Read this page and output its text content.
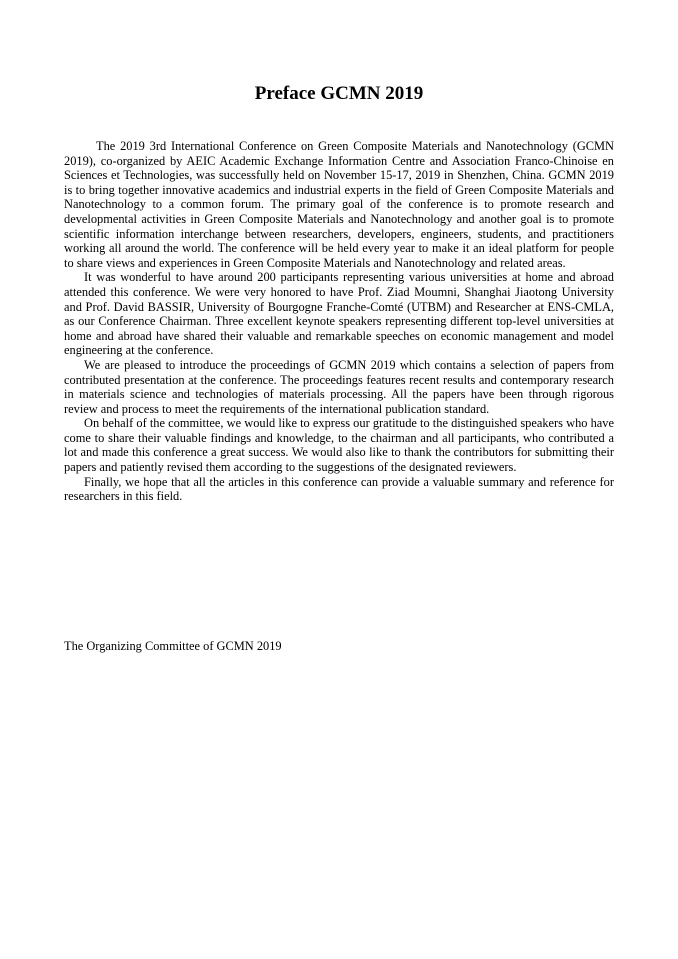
Preface GCMN 2019

The 2019 3rd International Conference on Green Composite Materials and Nanotechnology (GCMN 2019), co-organized by AEIC Academic Exchange Information Centre and Association Franco-Chinoise en Sciences et Technologies, was successfully held on November 15-17, 2019 in Shenzhen, China. GCMN 2019 is to bring together innovative academics and industrial experts in the field of Green Composite Materials and Nanotechnology to a common forum. The primary goal of the conference is to promote research and developmental activities in Green Composite Materials and Nanotechnology and another goal is to promote scientific information interchange between researchers, developers, engineers, students, and practitioners working all around the world. The conference will be held every year to make it an ideal platform for people to share views and experiences in Green Composite Materials and Nanotechnology and related areas.

It was wonderful to have around 200 participants representing various universities at home and abroad attended this conference. We were very honored to have Prof. Ziad Moumni, Shanghai Jiaotong University and Prof. David BASSIR, University of Bourgogne Franche-Comté (UTBM) and Researcher at ENS-CMLA, as our Conference Chairman. Three excellent keynote speakers representing different top-level universities at home and abroad have shared their valuable and remarkable speeches on economic management and model engineering at the conference.

We are pleased to introduce the proceedings of GCMN 2019 which contains a selection of papers from contributed presentation at the conference. The proceedings features recent results and contemporary research in materials science and technologies of materials processing. All the papers have been through rigorous review and process to meet the requirements of the international publication standard.

On behalf of the committee, we would like to express our gratitude to the distinguished speakers who have come to share their valuable findings and knowledge, to the chairman and all participants, who contributed a lot and made this conference a great success. We would also like to thank the contributors for submitting their papers and patiently revised them according to the suggestions of the designated reviewers.

Finally, we hope that all the articles in this conference can provide a valuable summary and reference for researchers in this field.

The Organizing Committee of GCMN 2019
